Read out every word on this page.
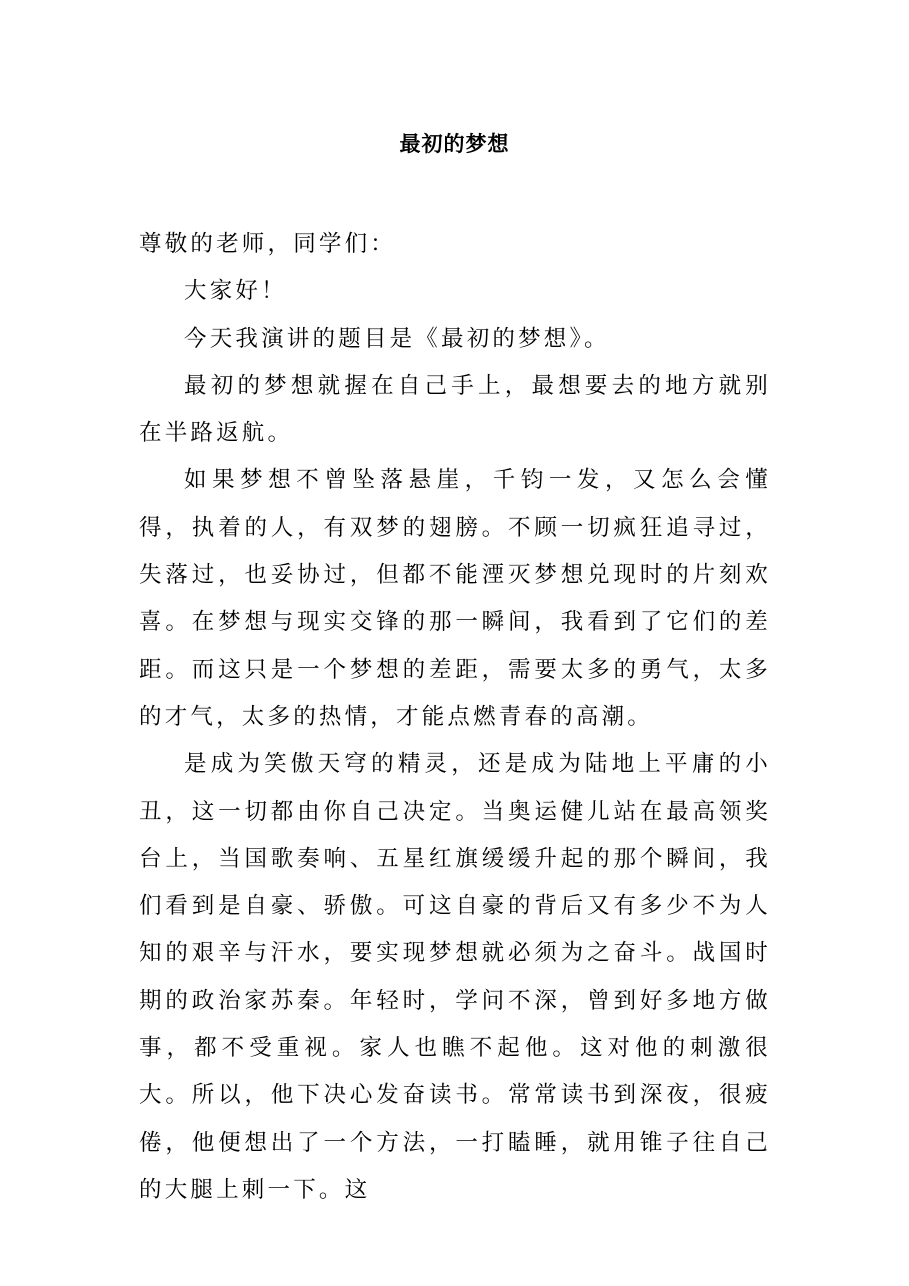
最初的梦想

尊敬的老师，同学们：

大家好！

今天我演讲的题目是《最初的梦想》。

最初的梦想就握在自己手上，最想要去的地方就别在半路返航。

如果梦想不曾坠落悬崖，千钧一发，又怎么会懂得，执着的人，有双梦的翅膀。不顾一切疯狂追寻过，失落过，也妥协过，但都不能湮灭梦想兑现时的片刻欢喜。在梦想与现实交锋的那一瞬间，我看到了它们的差距。而这只是一个梦想的差距，需要太多的勇气，太多的才气，太多的热情，才能点燃青春的高潮。

是成为笑傲天穹的精灵，还是成为陆地上平庸的小丑，这一切都由你自己决定。当奥运健儿站在最高领奖台上，当国歌奏响、五星红旗缓缓升起的那个瞬间，我们看到是自豪、骄傲。可这自豪的背后又有多少不为人知的艰辛与汗水，要实现梦想就必须为之奋斗。战国时期的政治家苏秦。年轻时，学问不深，曾到好多地方做事，都不受重视。家人也瞧不起他。这对他的刺激很大。所以，他下决心发奋读书。常常读书到深夜，很疲倦，他便想出了一个方法，一打瞌睡，就用锥子往自己的大腿上刺一下。这
